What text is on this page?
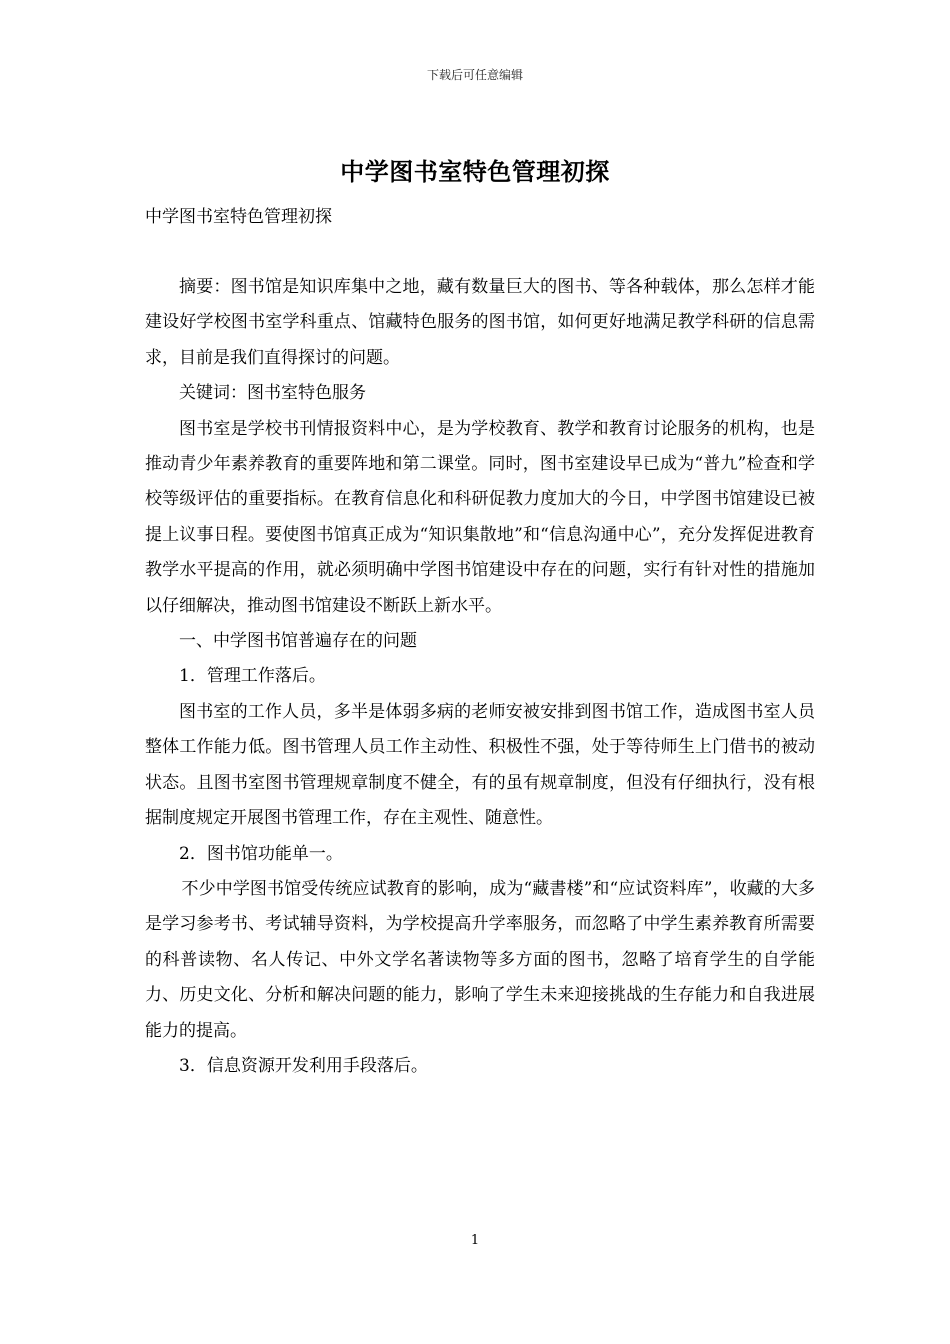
下载后可任意编辑
中学图书室特色管理初探
中学图书室特色管理初探

摘要：图书馆是知识库集中之地，藏有数量巨大的图书、等各种载体，那么怎样才能建设好学校图书室学科重点、馆藏特色服务的图书馆，如何更好地满足教学科研的信息需求，目前是我们直得探讨的问题。

关键词：图书室特色服务

图书室是学校书刊情报资料中心，是为学校教育、教学和教育讨论服务的机构，也是推动青少年素养教育的重要阵地和第二课堂。同时，图书室建设早已成为“普九”检查和学校等级评估的重要指标。在教育信息化和科研促教力度加大的今日，中学图书馆建设已被提上议事日程。要使图书馆真正成为“知识集散地”和“信息沟通中心”，充分发挥促进教育教学水平提高的作用，就必须明确中学图书馆建设中存在的问题，实行有针对性的措施加以仔细解决，推动图书馆建设不断跃上新水平。

一、中学图书馆普遍存在的问题

1．管理工作落后。

图书室的工作人员，多半是体弱多病的老师安被安排到图书馆工作，造成图书室人员整体工作能力低。图书管理人员工作主动性、积极性不强，处于等待师生上门借书的被动状态。且图书室图书管理规章制度不健全，有的虽有规章制度，但没有仔细执行，没有根据制度规定开展图书管理工作，存在主观性、随意性。

2．图书馆功能单一。

不少中学图书馆受传统应试教育的影响，成为“藏書楼”和“应试资料库”，收藏的大多是学习参考书、考试辅导资料，为学校提高升学率服务，而忽略了中学生素养教育所需要的科普读物、名人传记、中外文学名著读物等多方面的图书，忽略了培育学生的自学能力、历史文化、分析和解决问题的能力，影响了学生未来迎接挑战的生存能力和自我进展能力的提高。

3．信息资源开发利用手段落后。

1
